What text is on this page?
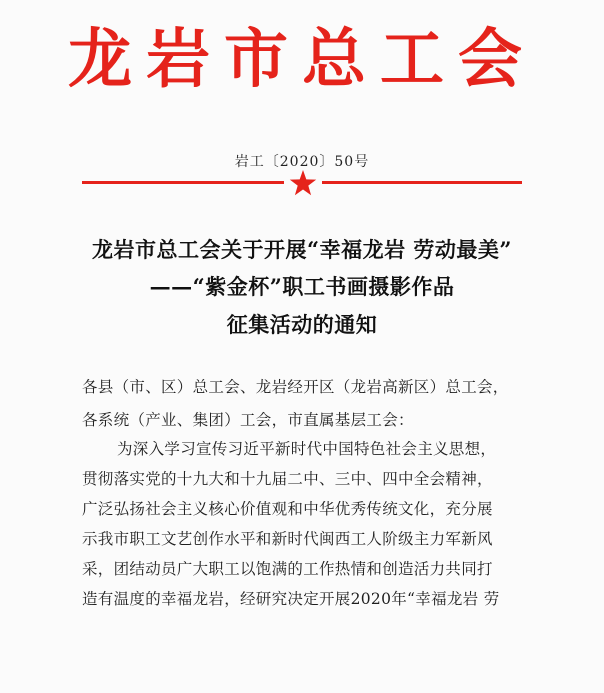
龙岩市总工会
岩工〔2020〕50号
龙岩市总工会关于开展“幸福龙岩 劳动最美”
——“紫金杯”职工书画摄影作品
征集活动的通知
各县（市、区）总工会、龙岩经开区（龙岩高新区）总工会，
各系统（产业、集团）工会，市直属基层工会：
为深入学习宣传习近平新时代中国特色社会主义思想，
贯彻落实党的十九大和十九届二中、三中、四中全会精神，
广泛弘扬社会主义核心价值观和中华优秀传统文化，充分展
示我市职工文艺创作水平和新时代闽西工人阶级主力军新风
采，团结动员广大职工以饱满的工作热情和创造活力共同打
造有温度的幸福龙岩，经研究决定开展2020年“幸福龙岩 劳
